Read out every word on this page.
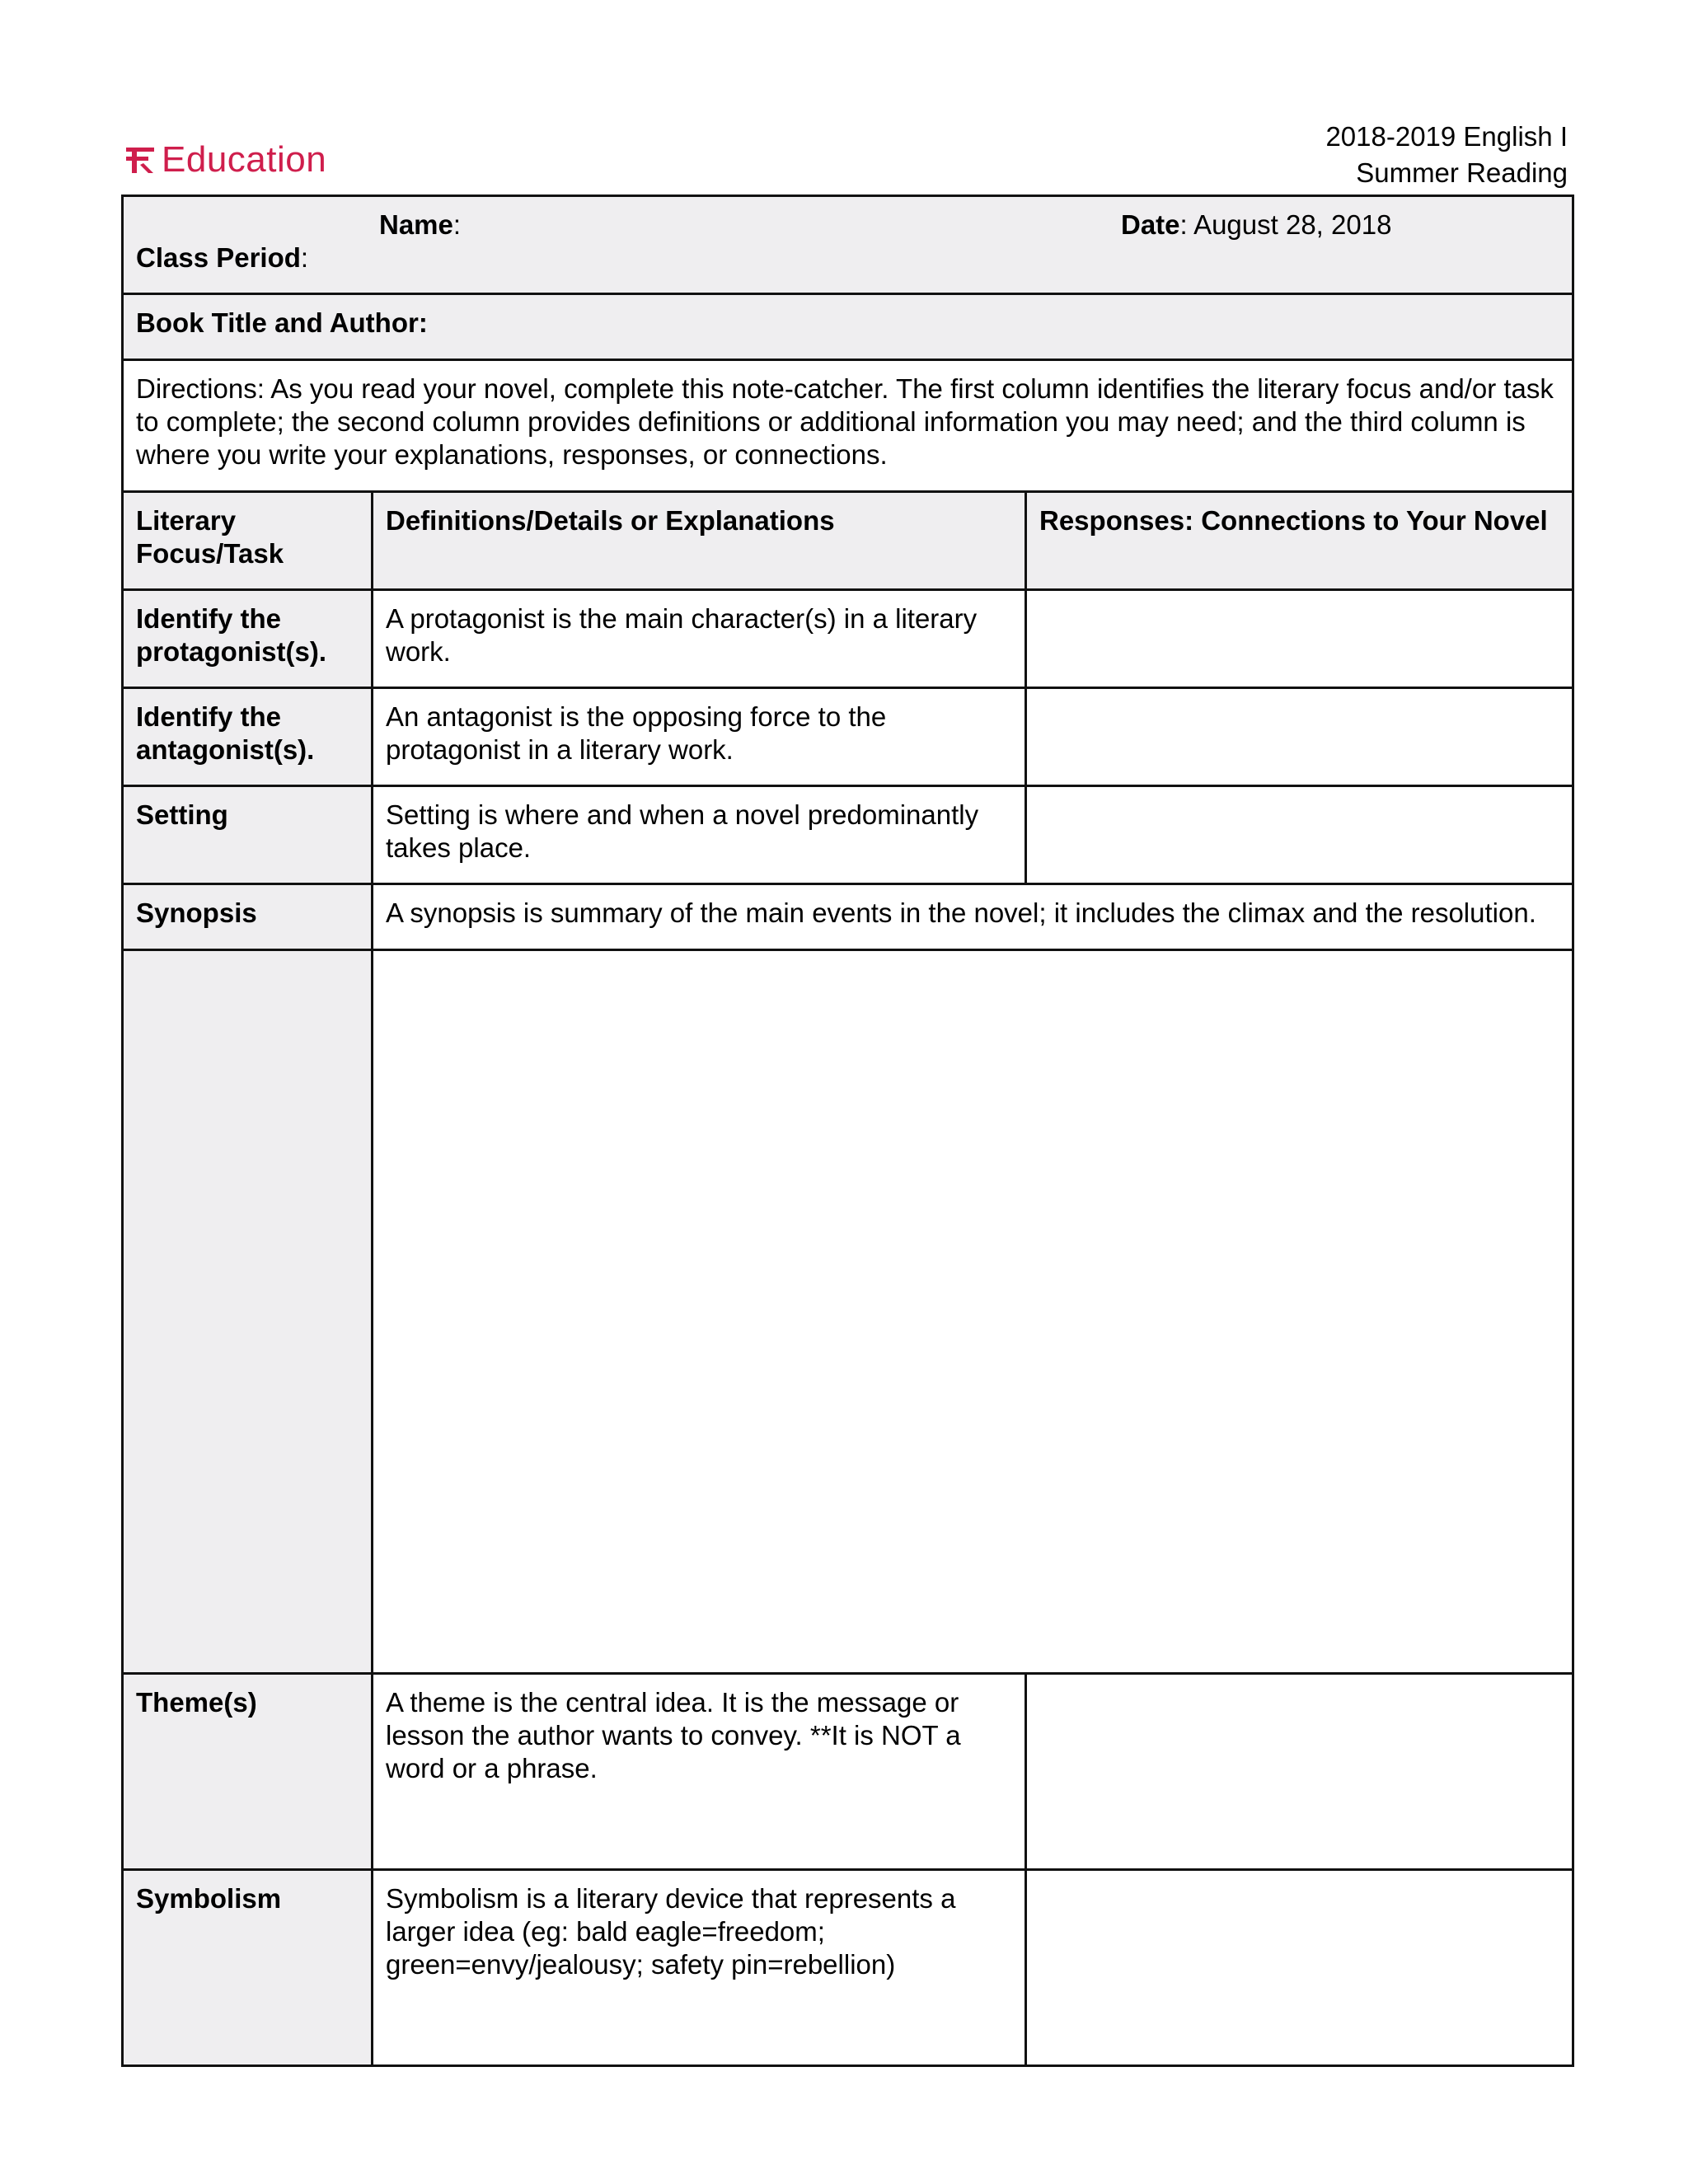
Education
2018-2019 English I
Summer Reading
Name: Date: August 28, 2018
Class Period:		

Book Title and Author:		
Directions: As you read your novel, complete this note-catcher. The first column identifies the literary focus and/or task to complete; the second column provides definitions or additional information you may need; and the third column is where you write your explanations, responses, or connections.		
Literary Focus/Task	Definitions/Details or Explanations	Responses: Connections to Your Novel
Identify the protagonist(s).	A protagonist is the main character(s) in a literary work.	
Identify the antagonist(s).	An antagonist is the opposing force to the protagonist in a literary work.	
Setting	Setting is where and when a novel predominantly takes place.	
Synopsis	A synopsis is summary of the main events in the novel; it includes the climax and the resolution.	

Theme(s)	A theme is the central idea. It is the message or lesson the author wants to convey. **It is NOT a word or a phrase.	
Symbolism	Symbolism is a literary device that represents a larger idea (eg: bald eagle=freedom; green=envy/jealousy; safety pin=rebellion)	
